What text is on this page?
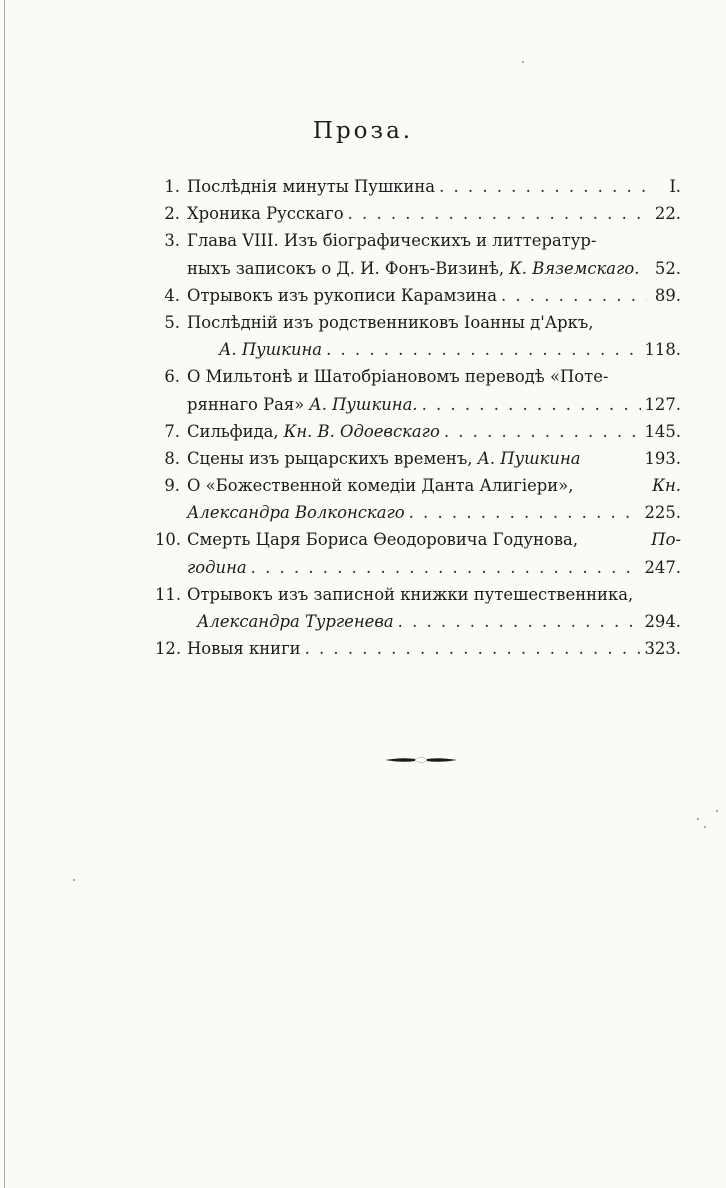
Проза.
1. Послѣднія минуты Пушкина . . .	I.
2. Хроника Русскаго . . .	22.
3. Глава VIII. Изъ біографическихъ и литтератур-
ныхъ записокъ о Д. И. Фонъ-Визинѣ, К. Вяземскаго. 52.
4. Отрывокъ изъ рукописи Карамзина . . .	89.
5. Послѣдній изъ родственниковъ Іоанны д'Аркъ,
А. Пушкина . . .	118.
6. О Мильтонѣ и Шатобріановомъ переводѣ «Поте-
ряннаго Рая» А. Пушкина. . . .	127.
7. Сильфида, Кн. В. Одоевскаго . . .	145.
8. Сцены изъ рыцарскихъ временъ, А. Пушкина	193.
9. О «Божественной комедіи Данта Алигіери»,	Кн.
Александра Волконскаго . . .	225.
10. Смерть Царя Бориса Ѳеодоровича Годунова,	По-
година . . .	247.
11. Отрывокъ изъ записной книжки путешественника,
Александра Тургенева . . .	294.
12. Новыя книги . . .	323.
